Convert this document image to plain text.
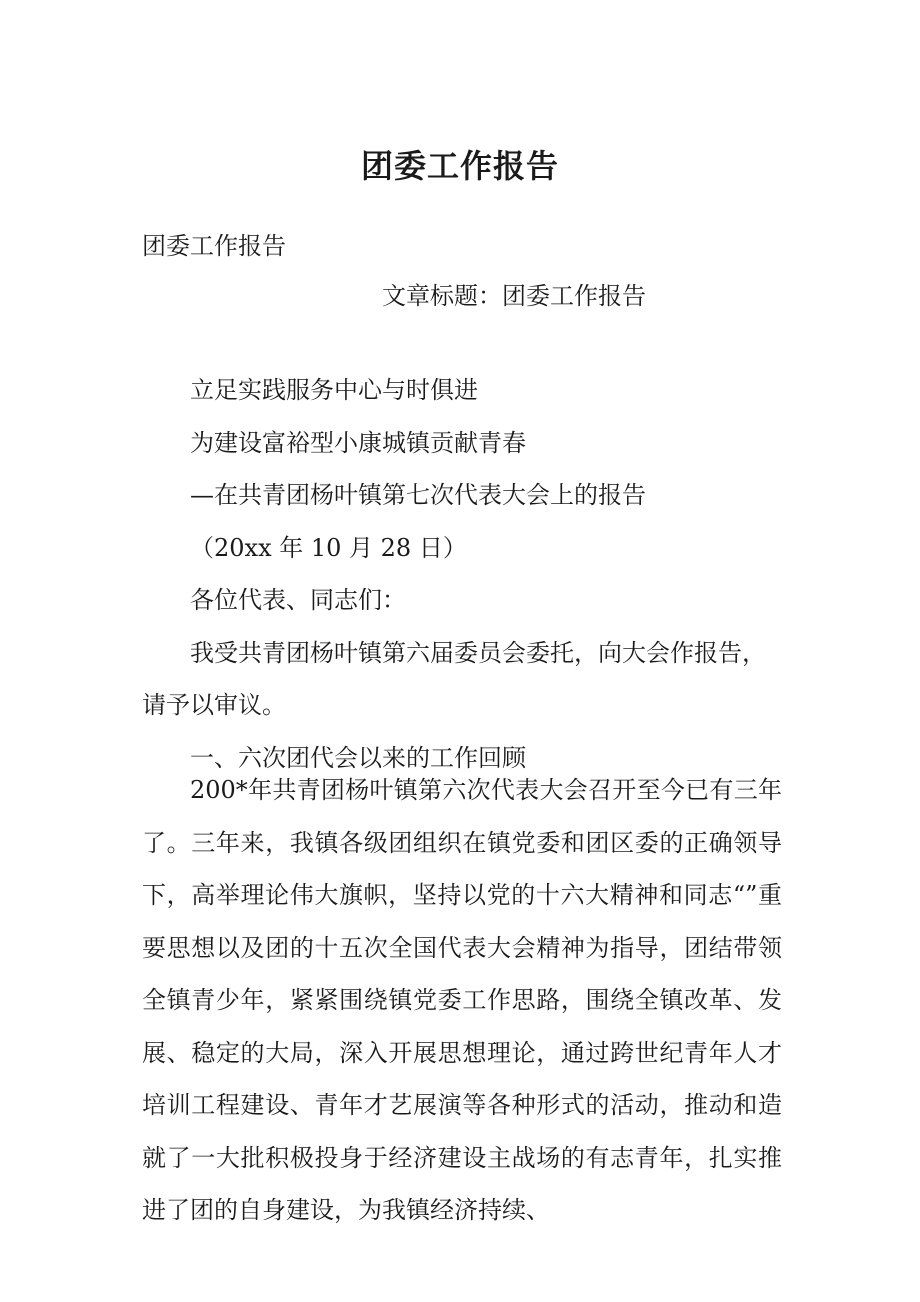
团委工作报告

团委工作报告

文章标题：团委工作报告

立足实践服务中心与时俱进

为建设富裕型小康城镇贡献青春

—在共青团杨叶镇第七次代表大会上的报告

（20xx 年 10 月 28 日）

各位代表、同志们：

我受共青团杨叶镇第六届委员会委托，向大会作报告，

请予以审议。

一、六次团代会以来的工作回顾

200*年共青团杨叶镇第六次代表大会召开至今已有三年了。三年来，我镇各级团组织在镇党委和团区委的正确领导下，高举理论伟大旗帜，坚持以党的十六大精神和同志“”重要思想以及团的十五次全国代表大会精神为指导，团结带领全镇青少年，紧紧围绕镇党委工作思路，围绕全镇改革、发展、稳定的大局，深入开展思想理论，通过跨世纪青年人才培训工程建设、青年才艺展演等各种形式的活动，推动和造就了一大批积极投身于经济建设主战场的有志青年，扎实推进了团的自身建设，为我镇经济持续、
